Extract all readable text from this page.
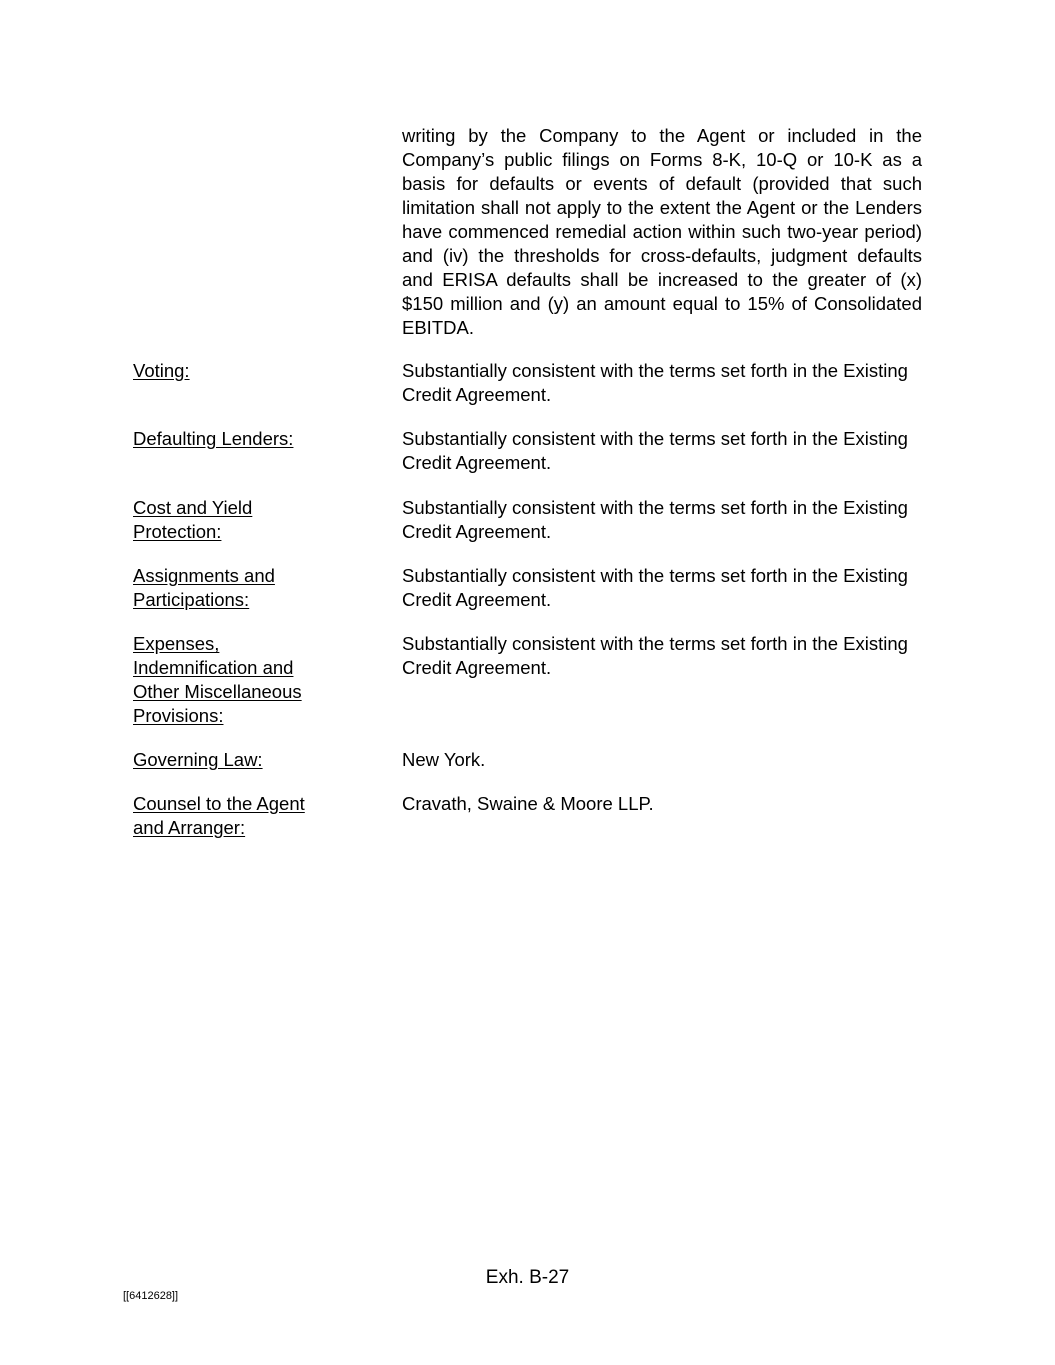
writing by the Company to the Agent or included in the Company’s public filings on Forms 8-K, 10-Q or 10-K as a basis for defaults or events of default (provided that such limitation shall not apply to the extent the Agent or the Lenders have commenced remedial action within such two-year period) and (iv) the thresholds for cross-defaults, judgment defaults and ERISA defaults shall be increased to the greater of (x) $150 million and (y) an amount equal to 15% of Consolidated EBITDA.
Voting:	Substantially consistent with the terms set forth in the Existing Credit Agreement.
Defaulting Lenders:	Substantially consistent with the terms set forth in the Existing Credit Agreement.
Cost and Yield Protection:
Substantially consistent with the terms set forth in the Existing Credit Agreement.
Assignments and Participations:
Substantially consistent with the terms set forth in the Existing Credit Agreement.
Expenses, Indemnification and Other Miscellaneous Provisions:
Substantially consistent with the terms set forth in the Existing Credit Agreement.
Governing Law:	New York.
Counsel to the Agent and Arranger:
Cravath, Swaine & Moore LLP.
Exh. B-27
[[6412628]]
